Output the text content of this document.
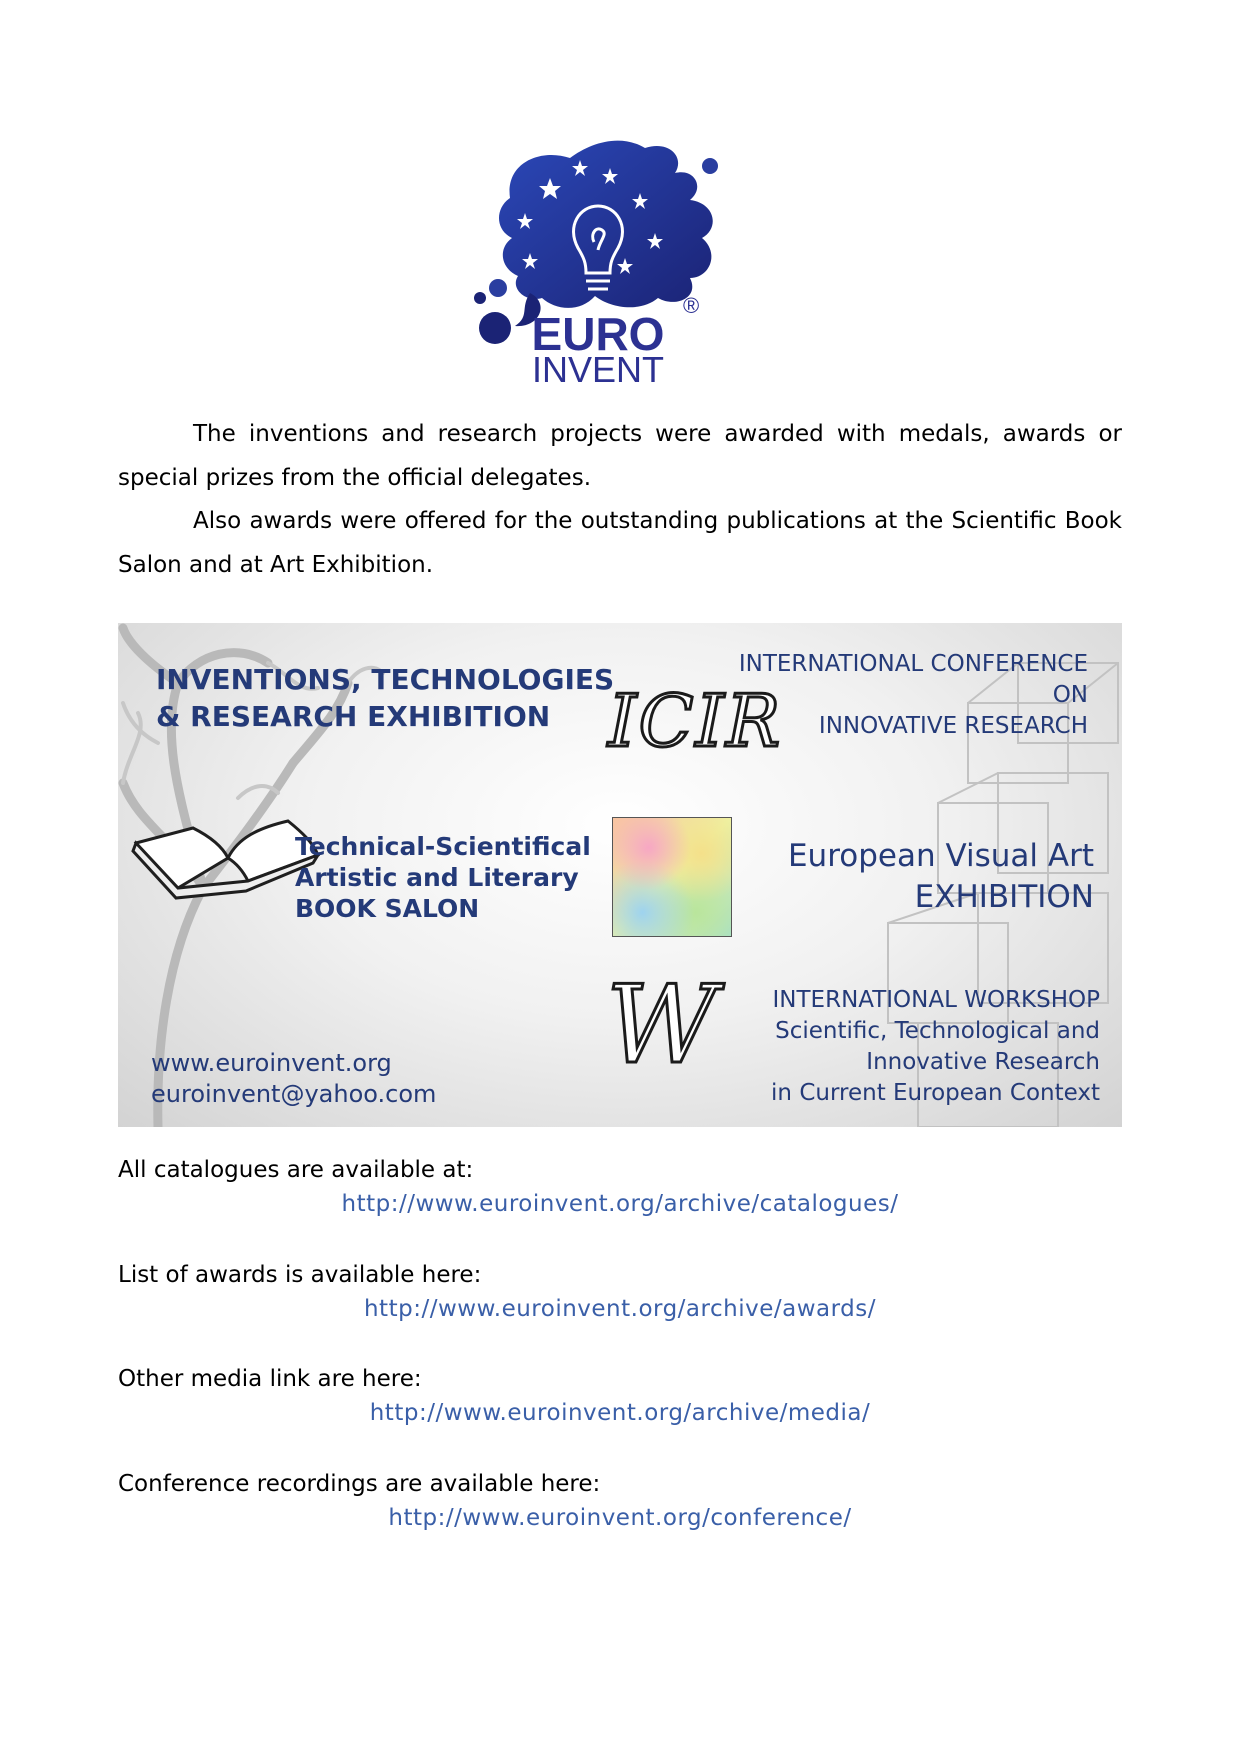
EURO
®
INVENT

The inventions and research projects were awarded with medals, awards or special prizes from the official delegates.

Also awards were offered for the outstanding publications at the Scientific Book Salon and at Art Exhibition.

INVENTIONS, TECHNOLOGIES
& RESEARCH EXHIBITION ICIR
INTERNATIONAL CONFERENCE
ON
INNOVATIVE RESEARCH
Technical-Scientifical
Artistic and Literary
BOOK SALON
European Visual Art
EXHIBITION
W INTERNATIONAL WORKSHOP
Scientific, Technological and
Innovative Research
in Current European Context
www.euroinvent.org
euroinvent@yahoo.com
All catalogues are available at:
http://www.euroinvent.org/archive/catalogues/
List of awards is available here:
http://www.euroinvent.org/archive/awards/
Other media link are here:
http://www.euroinvent.org/archive/media/
Conference recordings are available here:
http://www.euroinvent.org/conference/
